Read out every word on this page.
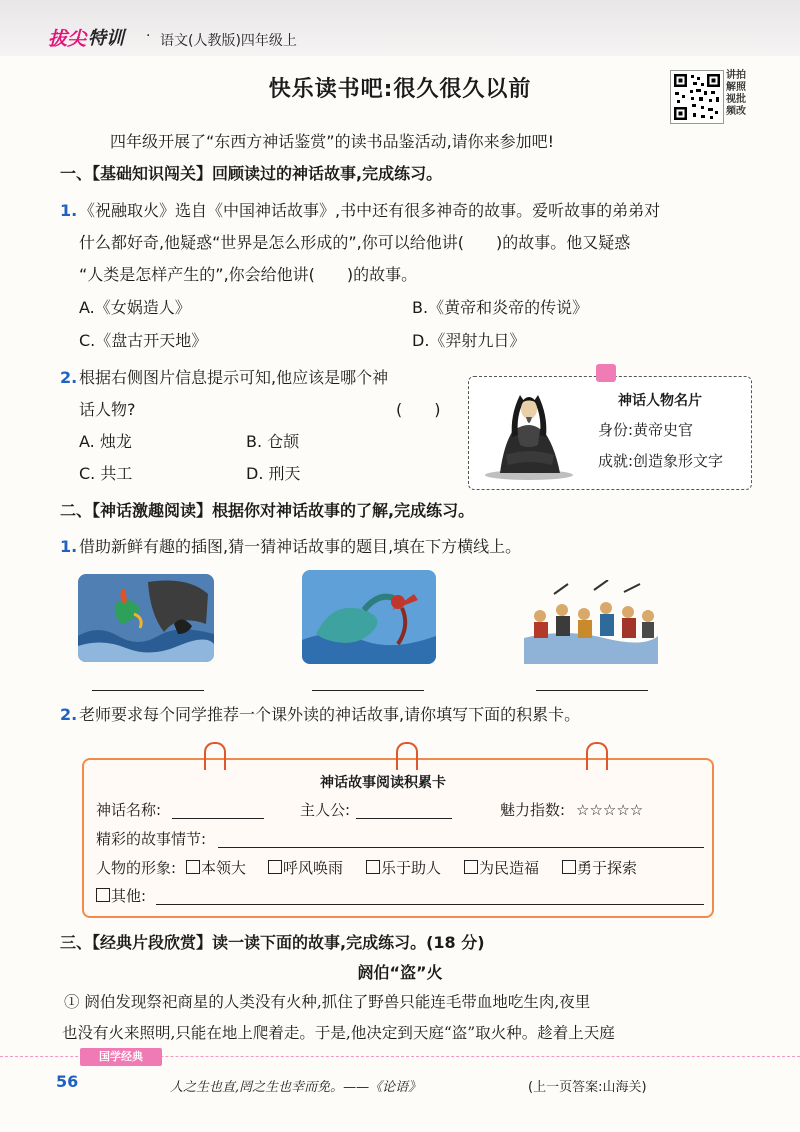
拔尖 特训 · 语文(人教版)四年级上
快乐读书吧:很久很久以前
讲拍解照视批频改
四年级开展了“东西方神话鉴赏”的读书品鉴活动,请你来参加吧!
一、【基础知识闯关】回顾读过的神话故事,完成练习。
1. 《祝融取火》选自《中国神话故事》,书中还有很多神奇的故事。爱听故事的弟弟对
什么都好奇,他疑惑“世界是怎么形成的”,你可以给他讲(　　)的故事。他又疑惑
“人类是怎样产生的”,你会给他讲(　　)的故事。
A.《女娲造人》	B.《黄帝和炎帝的传说》
C.《盘古开天地》	D.《羿射九日》
2. 根据右侧图片信息提示可知,他应该是哪个神
话人物?	(　　)
A. 烛龙	B. 仓颉
C. 共工	D. 刑天
神话人物名片
身份:黄帝史官
成就:创造象形文字
二、【神话激趣阅读】根据你对神话故事的了解,完成练习。
1. 借助新鲜有趣的插图,猜一猜神话故事的题目,填在下方横线上。
2. 老师要求每个同学推荐一个课外读的神话故事,请你填写下面的积累卡。
神话故事阅读积累卡
神话名称:	主人公:	魅力指数: ☆☆☆☆☆
精彩的故事情节:
人物的形象:	本领大	呼风唤雨	乐于助人	为民造福	勇于探索
其他:
三、【经典片段欣赏】读一读下面的故事,完成练习。(18 分)
阏伯“盗”火
① 阏伯发现祭祀商星的人类没有火种,抓住了野兽只能连毛带血地吃生肉,夜里
也没有火来照明,只能在地上爬着走。于是,他决定到天庭“盗”取火种。趁着上天庭
国学经典
56	人之生也直,罔之生也幸而免。——《论语》	(上一页答案:山海关)
